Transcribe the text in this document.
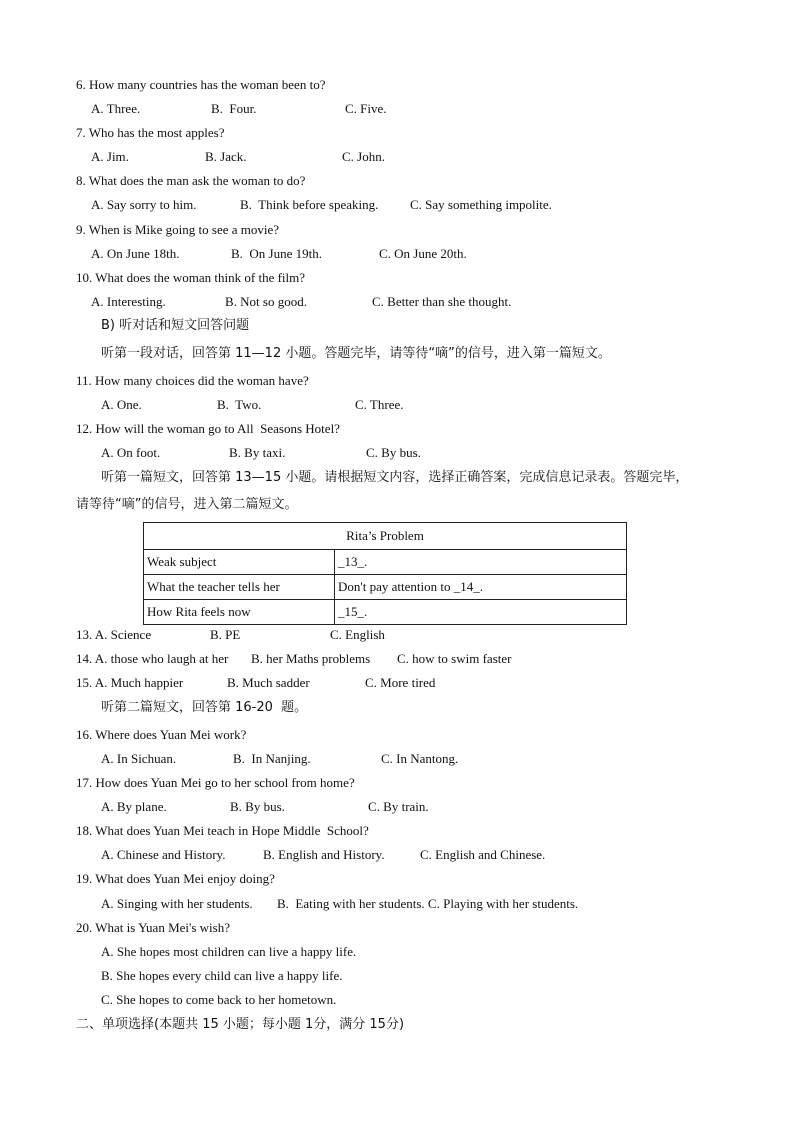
6. How many countries has the woman been to?
A. Three.	B.  Four.	C. Five.
7. Who has the most apples?
A. Jim.	B. Jack.	C. John.
8. What does the man ask the woman to do?
A. Say sorry to him.	B.  Think before speaking. C. Say something impolite.
9. When is Mike going to see a movie?
A. On June 18th.	B.  On June 19th.	C. On June 20th.
10. What does the woman think of the film?
A. Interesting.	B. Not so good.	C. Better than she thought.
B) 听对话和短文回答问题
听第一段对话，回答第 11—12 小题。答题完毕，请等待“嘀”的信号，进入第一篇短文。
11. How many choices did the woman have?
A. One.	B.  Two.	C. Three.
12. How will the woman go to All  Seasons Hotel?
A. On foot.	B. By taxi.	C. By bus.
听第一篇短文，回答第 13—15 小题。请根据短文内容，选择正确答案，完成信息记录表。答题完毕，
请等待“嘀”的信号，进入第二篇短文。
Rita’s Problem	
Weak subject	_13_.
What the teacher tells her	Don't pay attention to _14_.
How Rita feels now	_15_.
13. A. Science	B. PE	C. English
14. A. those who laugh at her B. her Maths problems C. how to swim faster
15. A. Much happier	B. Much sadder	C. More tired
听第二篇短文，回答第 16-20  题。
16. Where does Yuan Mei work?
A. In Sichuan.	B.  In Nanjing.	C. In Nantong.
17. How does Yuan Mei go to her school from home?
A. By plane.	B. By bus.	C. By train.
18. What does Yuan Mei teach in Hope Middle  School?
A. Chinese and History.	B. English and History.	C. English and Chinese.
19. What does Yuan Mei enjoy doing?
A. Singing with her students. B.  Eating with her students. C. Playing with her students.
20. What is Yuan Mei's wish?
A. She hopes most children can live a happy life.
B. She hopes every child can live a happy life.
C. She hopes to come back to her hometown.
二、单项选择(本题共 15 小题；每小题 1分，满分 15分)
